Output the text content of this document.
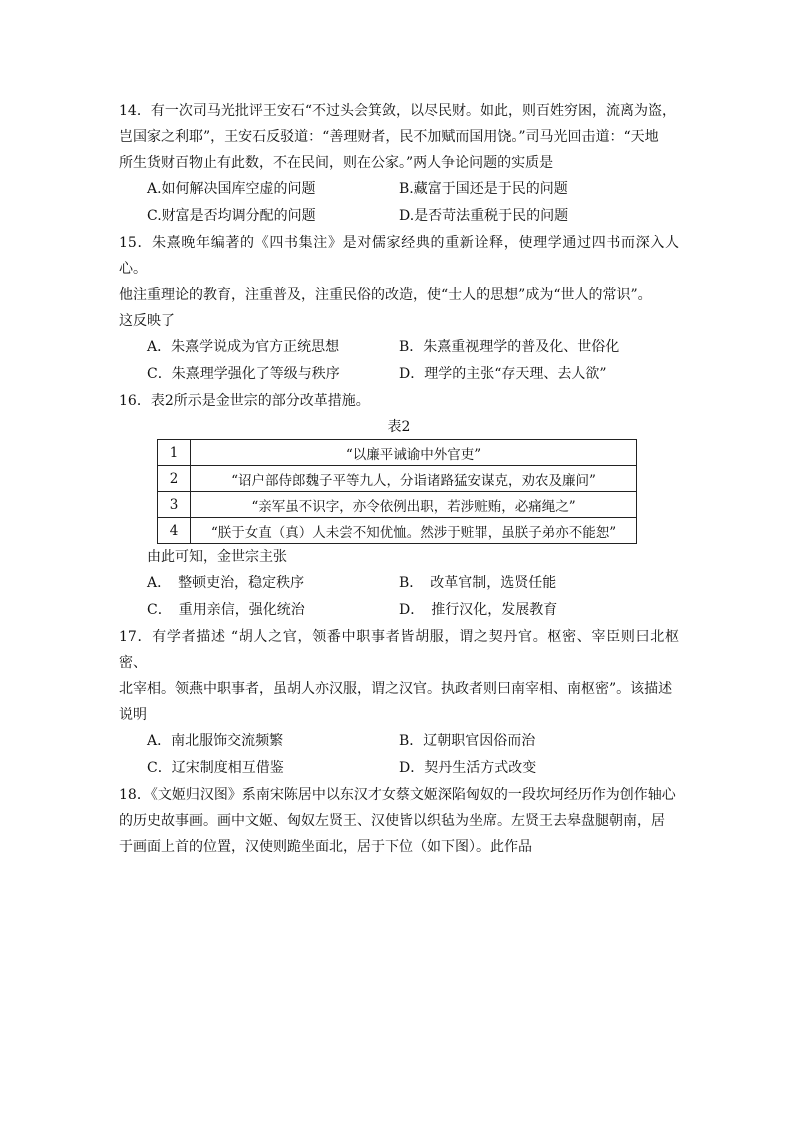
14．有一次司马光批评王安石“不过头会箕敛，以尽民财。如此，则百姓穷困，流离为盗，

岂国家之利耶”，王安石反驳道：“善理财者，民不加赋而国用饶。”司马光回击道：“天地

所生货财百物止有此数，不在民间，则在公家。”两人争论问题的实质是

A.如何解决国库空虚的问题	B.藏富于国还是于民的问题
C.财富是否均调分配的问题	D.是否苛法重税于民的问题

15．朱熹晚年编著的《四书集注》是对儒家经典的重新诠释，使理学通过四书而深入人心。

他注重理论的教育，注重普及，注重民俗的改造，使“士人的思想”成为“世人的常识”。

这反映了

A．朱熹学说成为官方正统思想	B．朱熹重视理学的普及化、世俗化
C．朱熹理学强化了等级与秩序	D．理学的主张“存天理、去人欲”

16．表2所示是金世宗的部分改革措施。

表2
1	“以廉平诫谕中外官吏”
2	“诏户部侍郎魏子平等九人，分诣诸路猛安谋克，劝农及廉问”
3	“亲军虽不识字，亦令依例出职，若涉赃贿，必痛绳之”
4	“朕于女直（真）人未尝不知优恤。然涉于赃罪，虽朕子弟亦不能恕”

由此可知，金世宗主张

A．　整顿吏治，稳定秩序	B．　改革官制，选贤任能
C．　重用亲信，强化统治	D．　推行汉化，发展教育

17．有学者描述 “胡人之官，领番中职事者皆胡服，谓之契丹官。枢密、宰臣则曰北枢密、

北宰相。领燕中职事者，虽胡人亦汉服，谓之汉官。执政者则曰南宰相、南枢密”。该描述

说明

A．南北服饰交流频繁	B．辽朝职官因俗而治
C．辽宋制度相互借鉴	D．契丹生活方式改变

18．《文姬归汉图》系南宋陈居中以东汉才女蔡文姬深陷匈奴的一段坎坷经历作为创作轴心

的历史故事画。画中文姬、匈奴左贤王、汉使皆以织毡为坐席。左贤王去皋盘腿朝南，居

于画面上首的位置，汉使则跪坐面北，居于下位（如下图）。此作品
